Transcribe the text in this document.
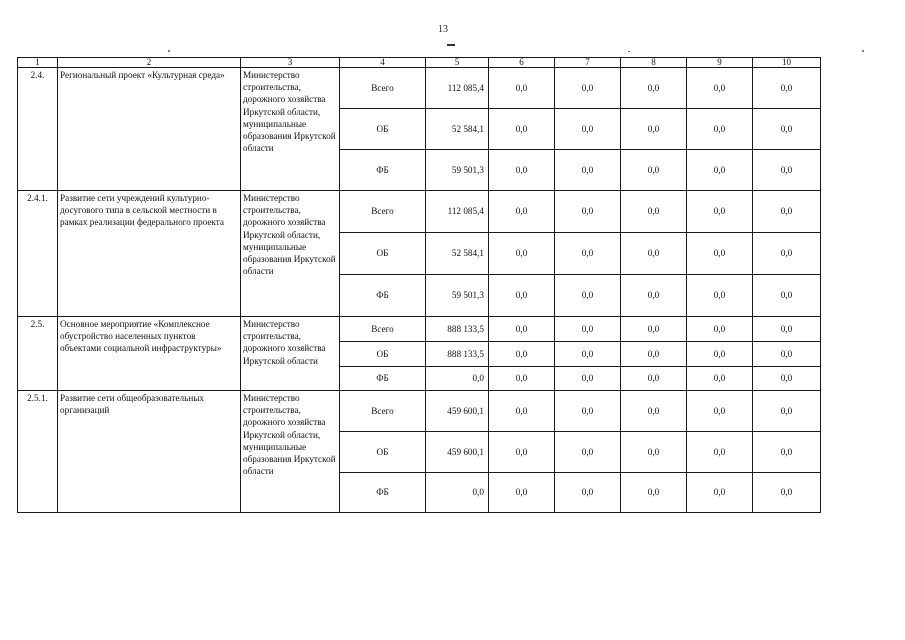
13
1	2	3	4	5	6	7	8	9	10
2.4.	Региональный проект «Культурная среда»	Министерство строительства, дорожного хозяйства Иркутской области, муниципальные образования Иркутской области	Всего	112 085,4	0,0	0,0	0,0	0,0	0,0
			ОБ	52 584,1	0,0	0,0	0,0	0,0	0,0
			ФБ	59 501,3	0,0	0,0	0,0	0,0	0,0
2.4.1.	Развитие сети учреждений культурно-досугового типа в сельской местности в рамках реализации федерального проекта	Министерство строительства, дорожного хозяйства Иркутской области, муниципальные образования Иркутской области	Всего	112 085,4	0,0	0,0	0,0	0,0	0,0
			ОБ	52 584,1	0,0	0,0	0,0	0,0	0,0
			ФБ	59 501,3	0,0	0,0	0,0	0,0	0,0
2.5.	Основное мероприятие «Комплексное обустройство населенных пунктов объектами социальной инфраструктуры»	Министерство строительства, дорожного хозяйства Иркутской области	Всего	888 133,5	0,0	0,0	0,0	0,0	0,0
			ОБ	888 133,5	0,0	0,0	0,0	0,0	0,0
			ФБ	0,0	0,0	0,0	0,0	0,0	0,0
2.5.1.	Развитие сети общеобразовательных организаций	Министерство строительства, дорожного хозяйства Иркутской области, муниципальные образования Иркутской области	Всего	459 600,1	0,0	0,0	0,0	0,0	0,0
			ОБ	459 600,1	0,0	0,0	0,0	0,0	0,0
			ФБ	0,0	0,0	0,0	0,0	0,0	0,0
